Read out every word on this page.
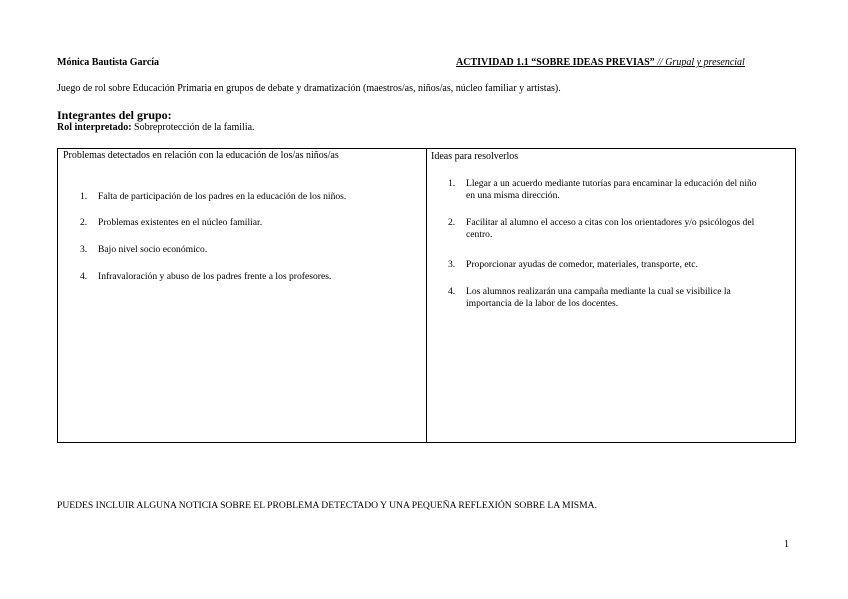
Mónica Bautista García	ACTIVIDAD 1.1 “SOBRE IDEAS PREVIAS” // Grupal y presencial
Juego de rol sobre Educación Primaria en grupos de debate y dramatización (maestros/as, niños/as, núcleo familiar y artistas).
Integrantes del grupo:
Rol interpretado: Sobreprotección de la familia.
Problemas detectados en relación con la educación de los/as niños/as
1. Falta de participación de los padres en la educación de los niños.
2. Problemas existentes en el núcleo familiar.
3. Bajo nivel socio económico.
4. Infravaloración y abuso de los padres frente a los profesores.
Ideas para resolverlos
1. Llegar a un acuerdo mediante tutorías para encaminar la educación del niño en una misma dirección.
2. Facilitar al alumno el acceso a citas con los orientadores y/o psicólogos del centro.
3. Proporcionar ayudas de comedor, materiales, transporte, etc.
4. Los alumnos realizarán una campaña mediante la cual se visibilice la importancia de la labor de los docentes.
PUEDES INCLUIR ALGUNA NOTICIA SOBRE EL PROBLEMA DETECTADO Y UNA PEQUEÑA REFLEXIÓN SOBRE LA MISMA.
1
